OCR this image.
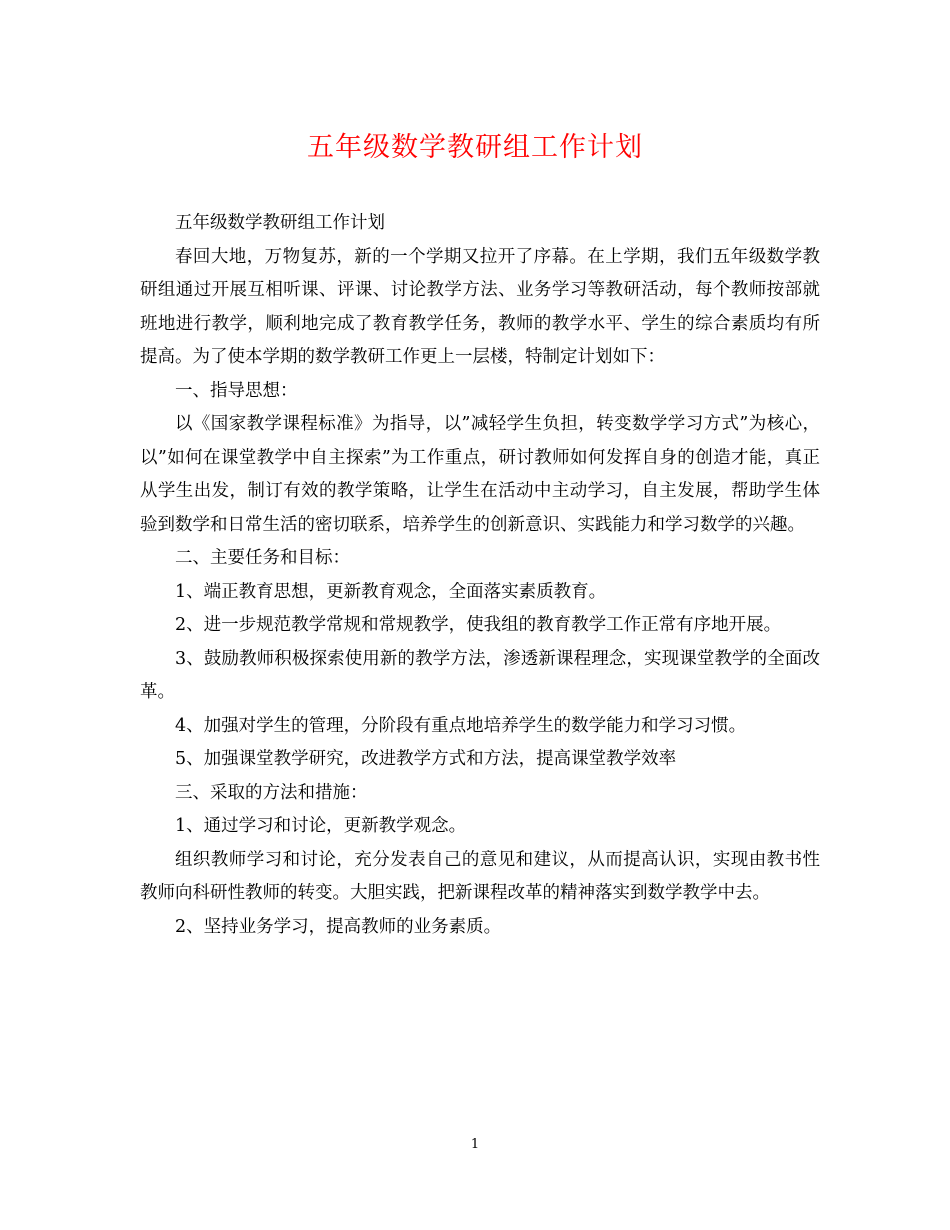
五年级数学教研组工作计划

五年级数学教研组工作计划

春回大地，万物复苏，新的一个学期又拉开了序幕。在上学期，我们五年级数学教研组通过开展互相听课、评课、讨论教学方法、业务学习等教研活动，每个教师按部就班地进行教学，顺利地完成了教育教学任务，教师的教学水平、学生的综合素质均有所提高。为了使本学期的数学教研工作更上一层楼，特制定计划如下：

一、指导思想：

以《国家教学课程标准》为指导，以”减轻学生负担，转变数学学习方式”为核心，以”如何在课堂教学中自主探索”为工作重点，研讨教师如何发挥自身的创造才能，真正从学生出发，制订有效的教学策略，让学生在活动中主动学习，自主发展，帮助学生体验到数学和日常生活的密切联系，培养学生的创新意识、实践能力和学习数学的兴趣。

二、主要任务和目标：

1、端正教育思想，更新教育观念，全面落实素质教育。

2、进一步规范教学常规和常规教学，使我组的教育教学工作正常有序地开展。

3、鼓励教师积极探索使用新的教学方法，渗透新课程理念，实现课堂教学的全面改革。

4、加强对学生的管理，分阶段有重点地培养学生的数学能力和学习习惯。

5、加强课堂教学研究，改进教学方式和方法，提高课堂教学效率

三、采取的方法和措施：

1、通过学习和讨论，更新教学观念。

组织教师学习和讨论，充分发表自己的意见和建议，从而提高认识，实现由教书性教师向科研性教师的转变。大胆实践，把新课程改革的精神落实到数学教学中去。

2、坚持业务学习，提高教师的业务素质。

1
